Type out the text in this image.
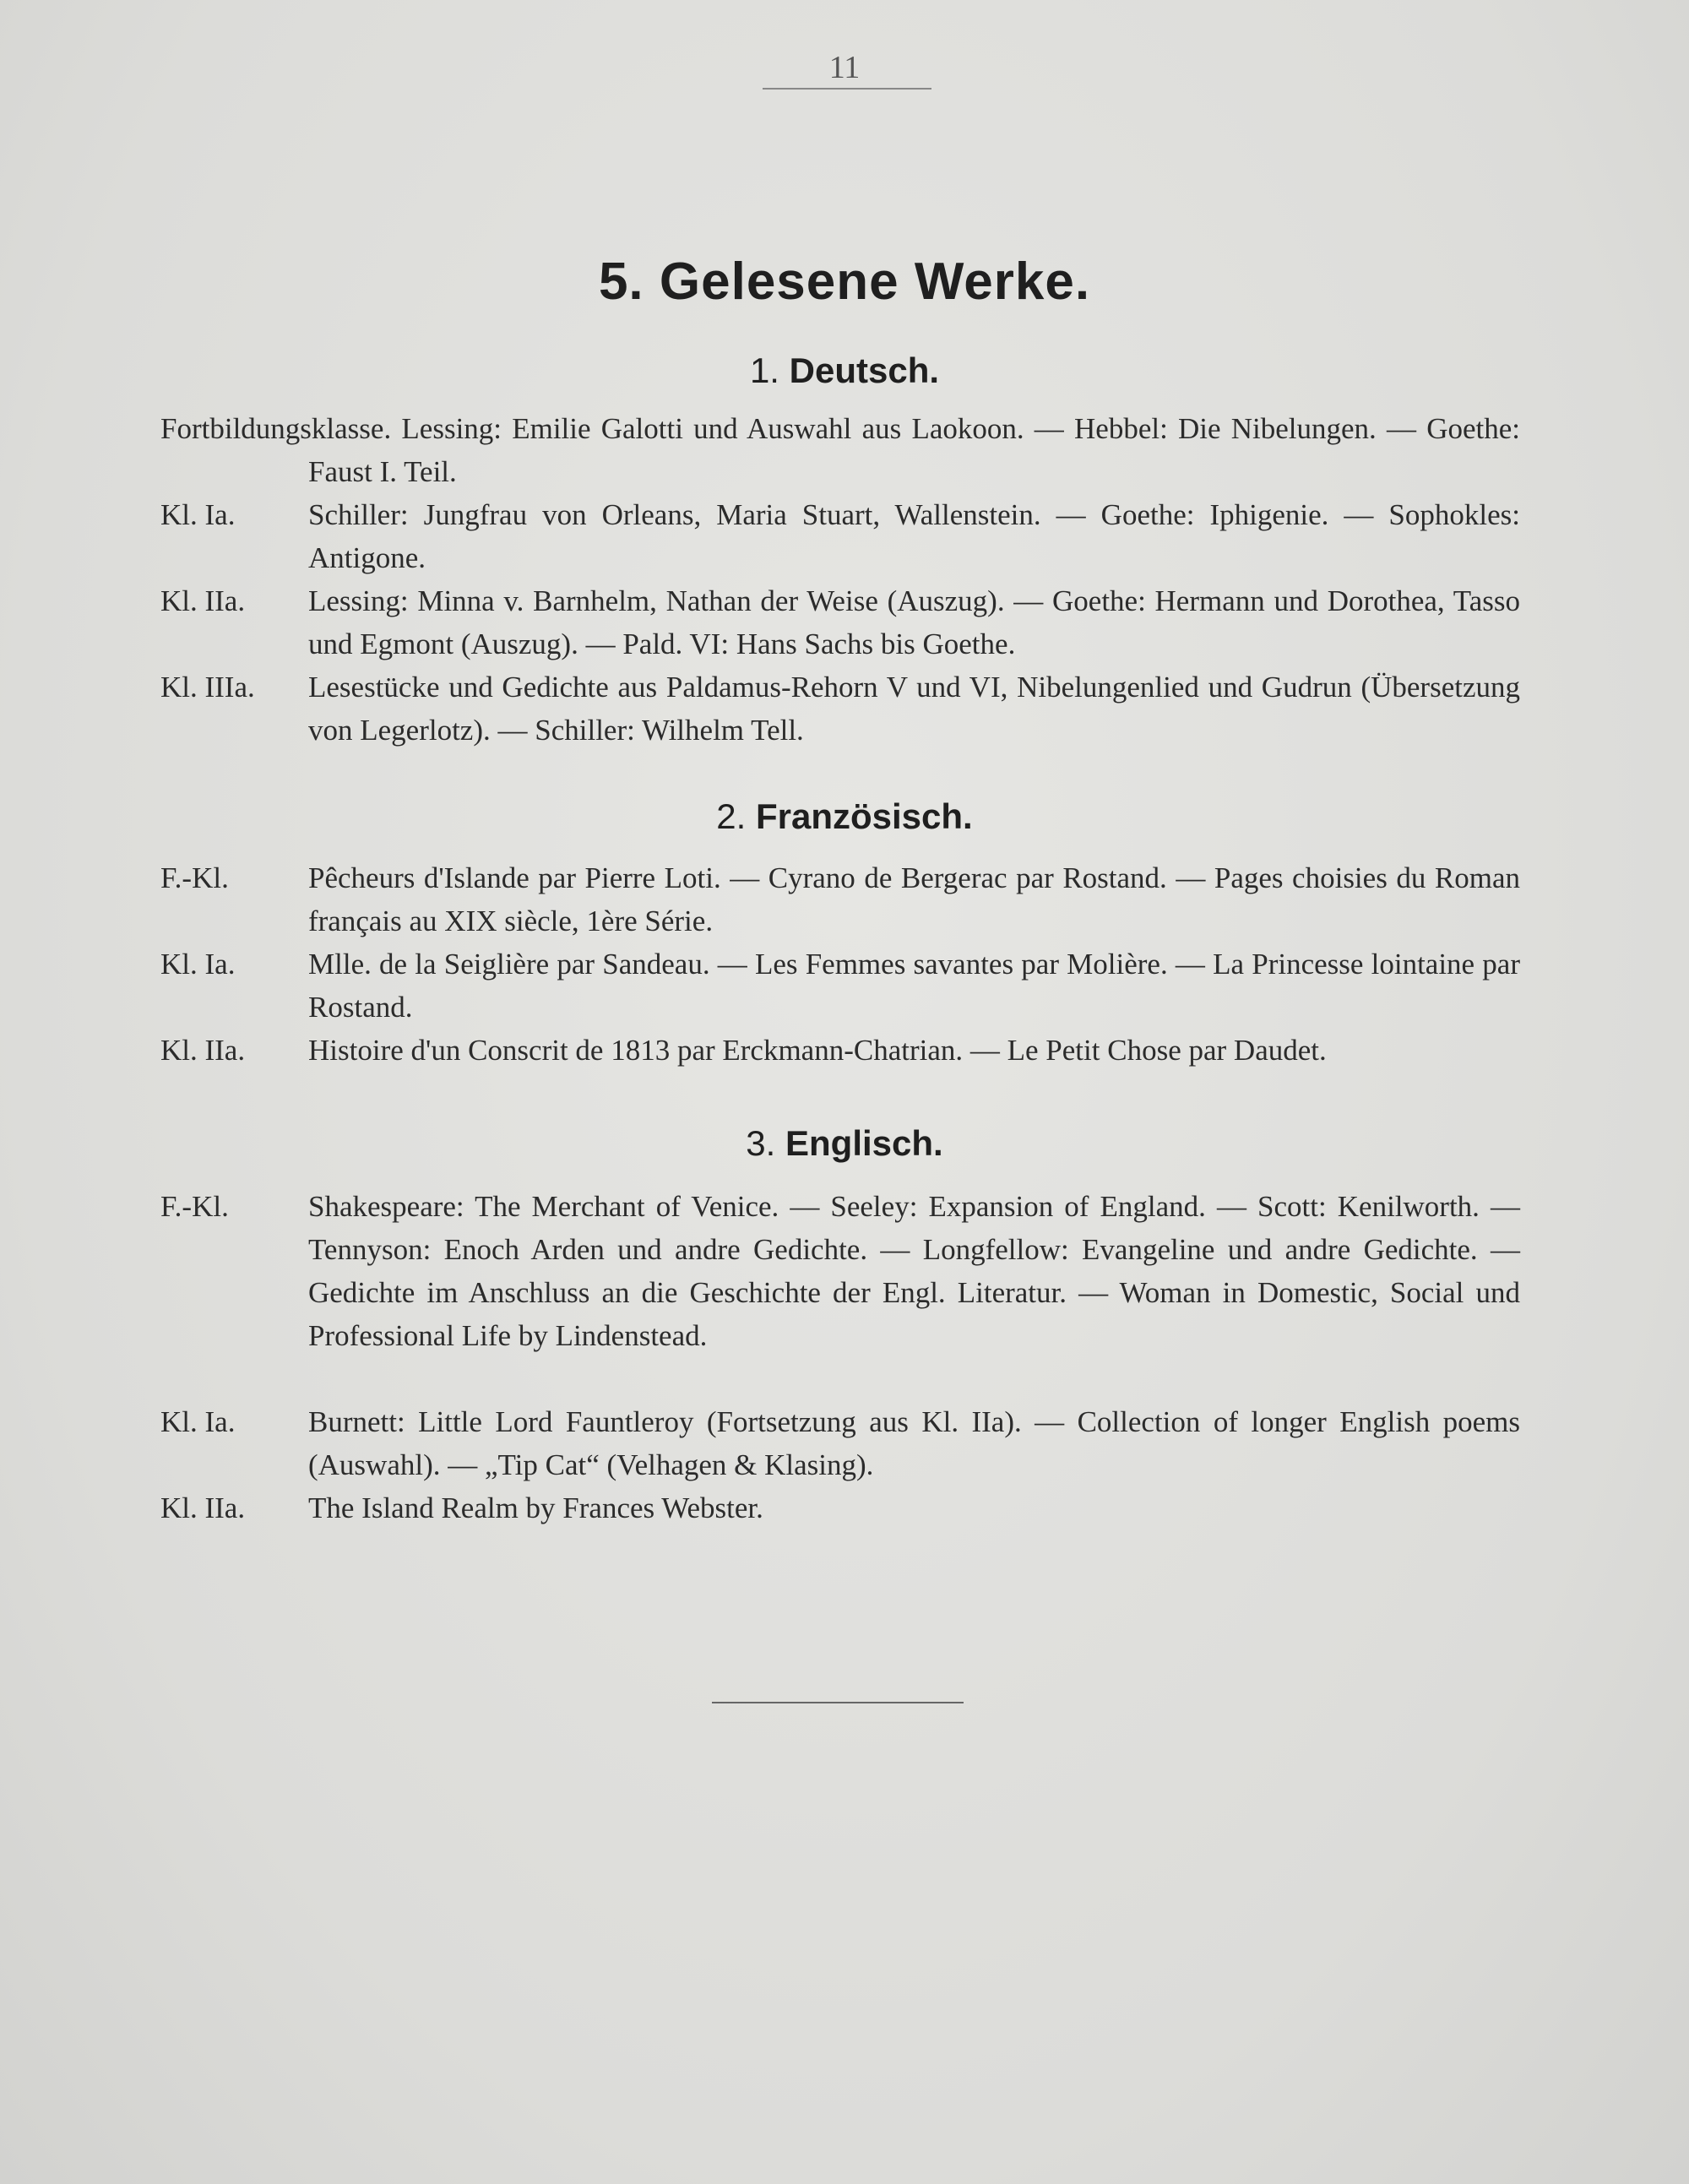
11
5. Gelesene Werke.
1. Deutsch.
Fortbildungsklasse. Lessing: Emilie Galotti und Auswahl aus Laokoon. — Hebbel: Die Nibelungen. — Goethe: Faust I. Teil.
Kl. Ia. Schiller: Jungfrau von Orleans, Maria Stuart, Wallenstein. — Goethe: Iphigenie. — Sophokles: Antigone.
Kl. IIa. Lessing: Minna v. Barnhelm, Nathan der Weise (Auszug). — Goethe: Hermann und Dorothea, Tasso und Egmont (Auszug). — Pald. VI: Hans Sachs bis Goethe.
Kl. IIIa. Lesestücke und Gedichte aus Paldamus-Rehorn V und VI, Nibelungenlied und Gudrun (Übersetzung von Legerlotz). — Schiller: Wilhelm Tell.
2. Französisch.
F.-Kl.	Pêcheurs d'Islande par Pierre Loti. — Cyrano de Bergerac par Rostand. — Pages choisies du Roman français au XIX siècle, 1ère Série.
Kl. Ia. Mlle. de la Seiglière par Sandeau. — Les Femmes savantes par Molière. — La Princesse lointaine par Rostand.
Kl. IIa. Histoire d'un Conscrit de 1813 par Erckmann-Chatrian. — Le Petit Chose par Daudet.
3. Englisch.
F.-Kl.	Shakespeare: The Merchant of Venice. — Seeley: Expansion of England. — Scott: Kenilworth. — Tennyson: Enoch Arden und andre Gedichte. — Longfellow: Evangeline und andre Gedichte. — Gedichte im Anschluss an die Geschichte der Engl. Literatur. — Woman in Domestic, Social und Professional Life by Lindenstead.
Kl. Ia. Burnett: Little Lord Fauntleroy (Fortsetzung aus Kl. IIa). — Collection of longer English poems (Auswahl). — „Tip Cat“ (Velhagen & Klasing).
Kl. IIa. The Island Realm by Frances Webster.
